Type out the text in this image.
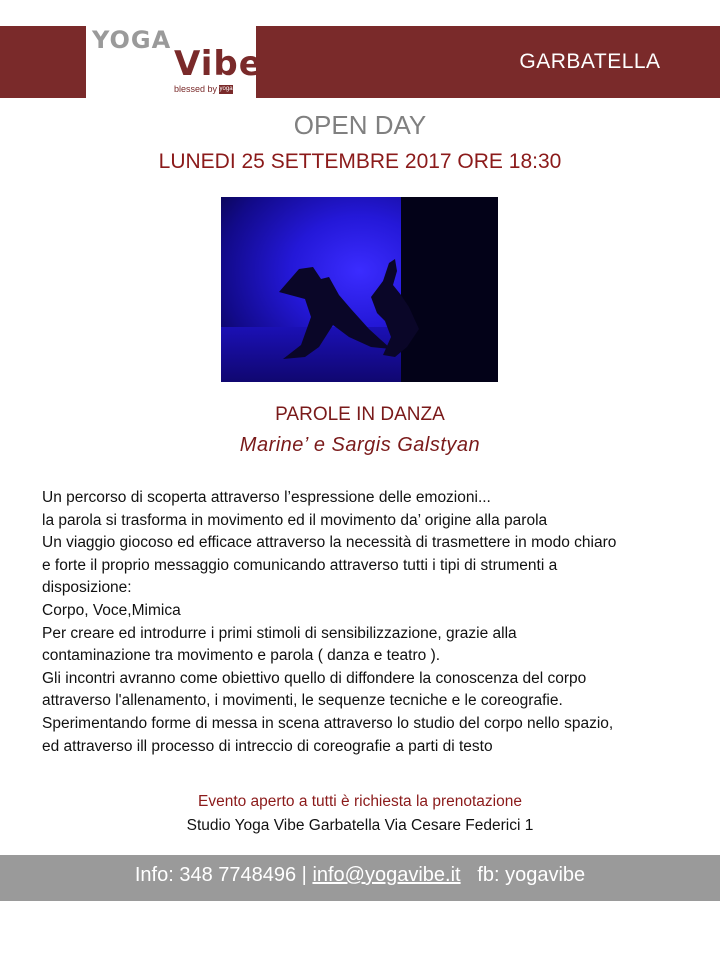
YOGA
Vibe
blessed by yoga
GARBATELLA
OPEN DAY
LUNEDI 25 SETTEMBRE 2017 ORE 18:30
PAROLE IN DANZA
Marine’ e Sargis Galstyan

Un percorso di scoperta attraverso l’espressione delle emozioni...

la parola si trasforma in movimento ed il movimento da’ origine alla parola

Un viaggio giocoso ed efficace attraverso la necessità di trasmettere in modo chiaro

e forte il proprio messaggio comunicando attraverso tutti i tipi di strumenti a

disposizione:

Corpo, Voce,Mimica

Per creare ed introdurre i primi stimoli di sensibilizzazione, grazie alla

contaminazione tra movimento e parola ( danza e teatro ).

Gli incontri avranno come obiettivo quello di diffondere la conoscenza del corpo

attraverso l'allenamento, i movimenti, le sequenze tecniche e le coreografie.

Sperimentando forme di messa in scena attraverso lo studio del corpo nello spazio,

ed attraverso ill processo di intreccio di coreografie a parti di testo

Evento aperto a tutti è richiesta la prenotazione
Studio Yoga Vibe Garbatella Via Cesare Federici 1
Info: 348 7748496 | info@yogavibe.it fb: yogavibe
